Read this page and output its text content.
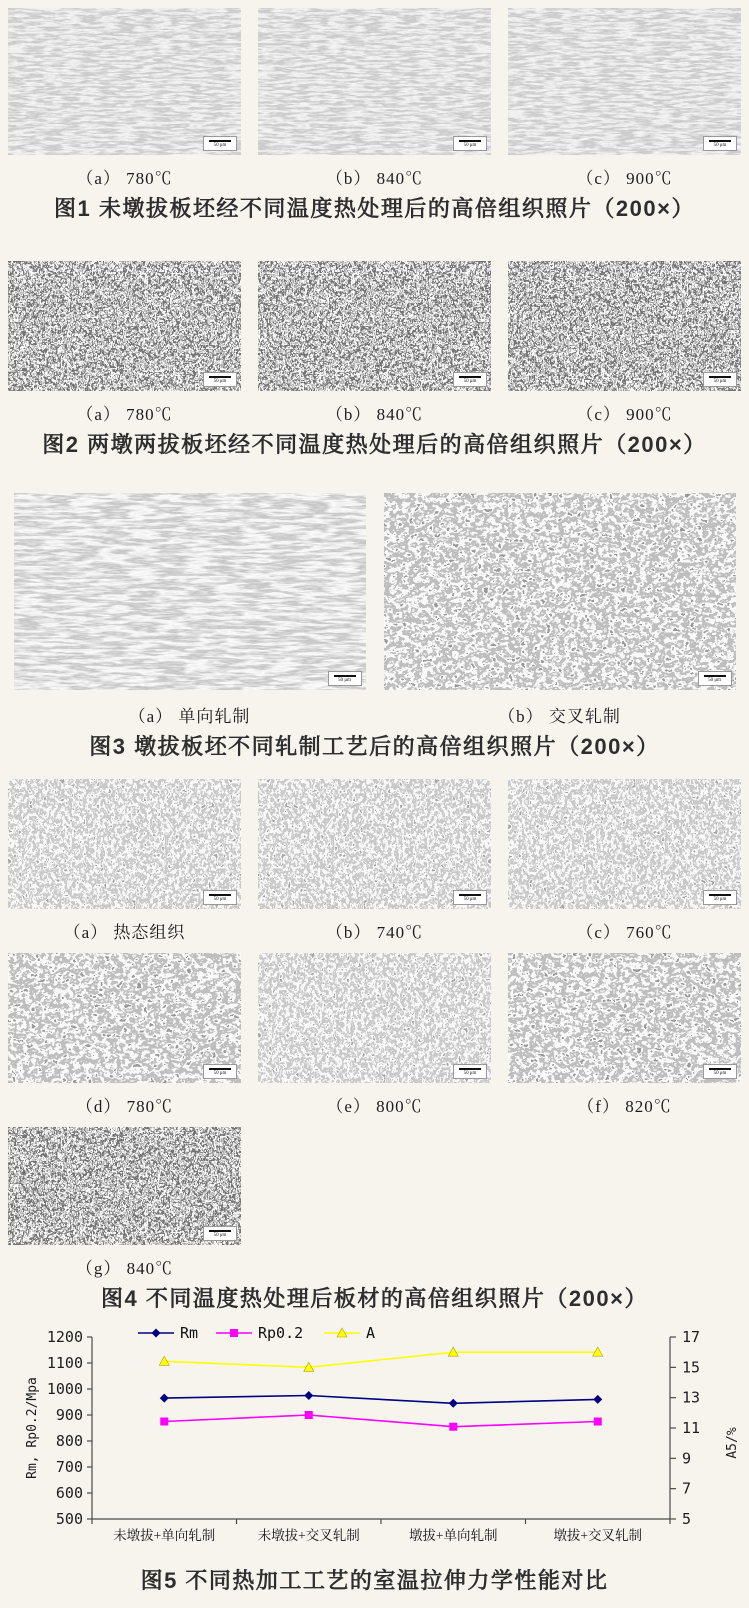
50 μm	50 μm	50 μm
（a） 780℃	（b） 840℃	（c） 900℃
图1 未墩拔板坯经不同温度热处理后的高倍组织照片（200×）
50 μm	50 μm	50 μm
（a） 780℃	（b） 840℃	（c） 900℃
图2 两墩两拔板坯经不同温度热处理后的高倍组织照片（200×）
50 μm	50 μm
（a） 单向轧制	（b） 交叉轧制
图3 墩拔板坯不同轧制工艺后的高倍组织照片（200×）
50 μm	50 μm	50 μm
（a） 热态组织	（b） 740℃	（c） 760℃
50 μm	50 μm	50 μm
（d） 780℃	（e） 800℃	（f） 820℃
50 μm
（g） 840℃
图4 不同温度热处理后板材的高倍组织照片（200×）
500
600
700
800
900
1000
1100
1200
5
7
9
11
13
15
17
未墩拔+单向轧制	未墩拔+交叉轧制	墩拔+单向轧制	墩拔+交叉轧制
Rm, Rp0.2/Mpa	A5/%
Rm	Rp0.2	A
图5 不同热加工工艺的室温拉伸力学性能对比
